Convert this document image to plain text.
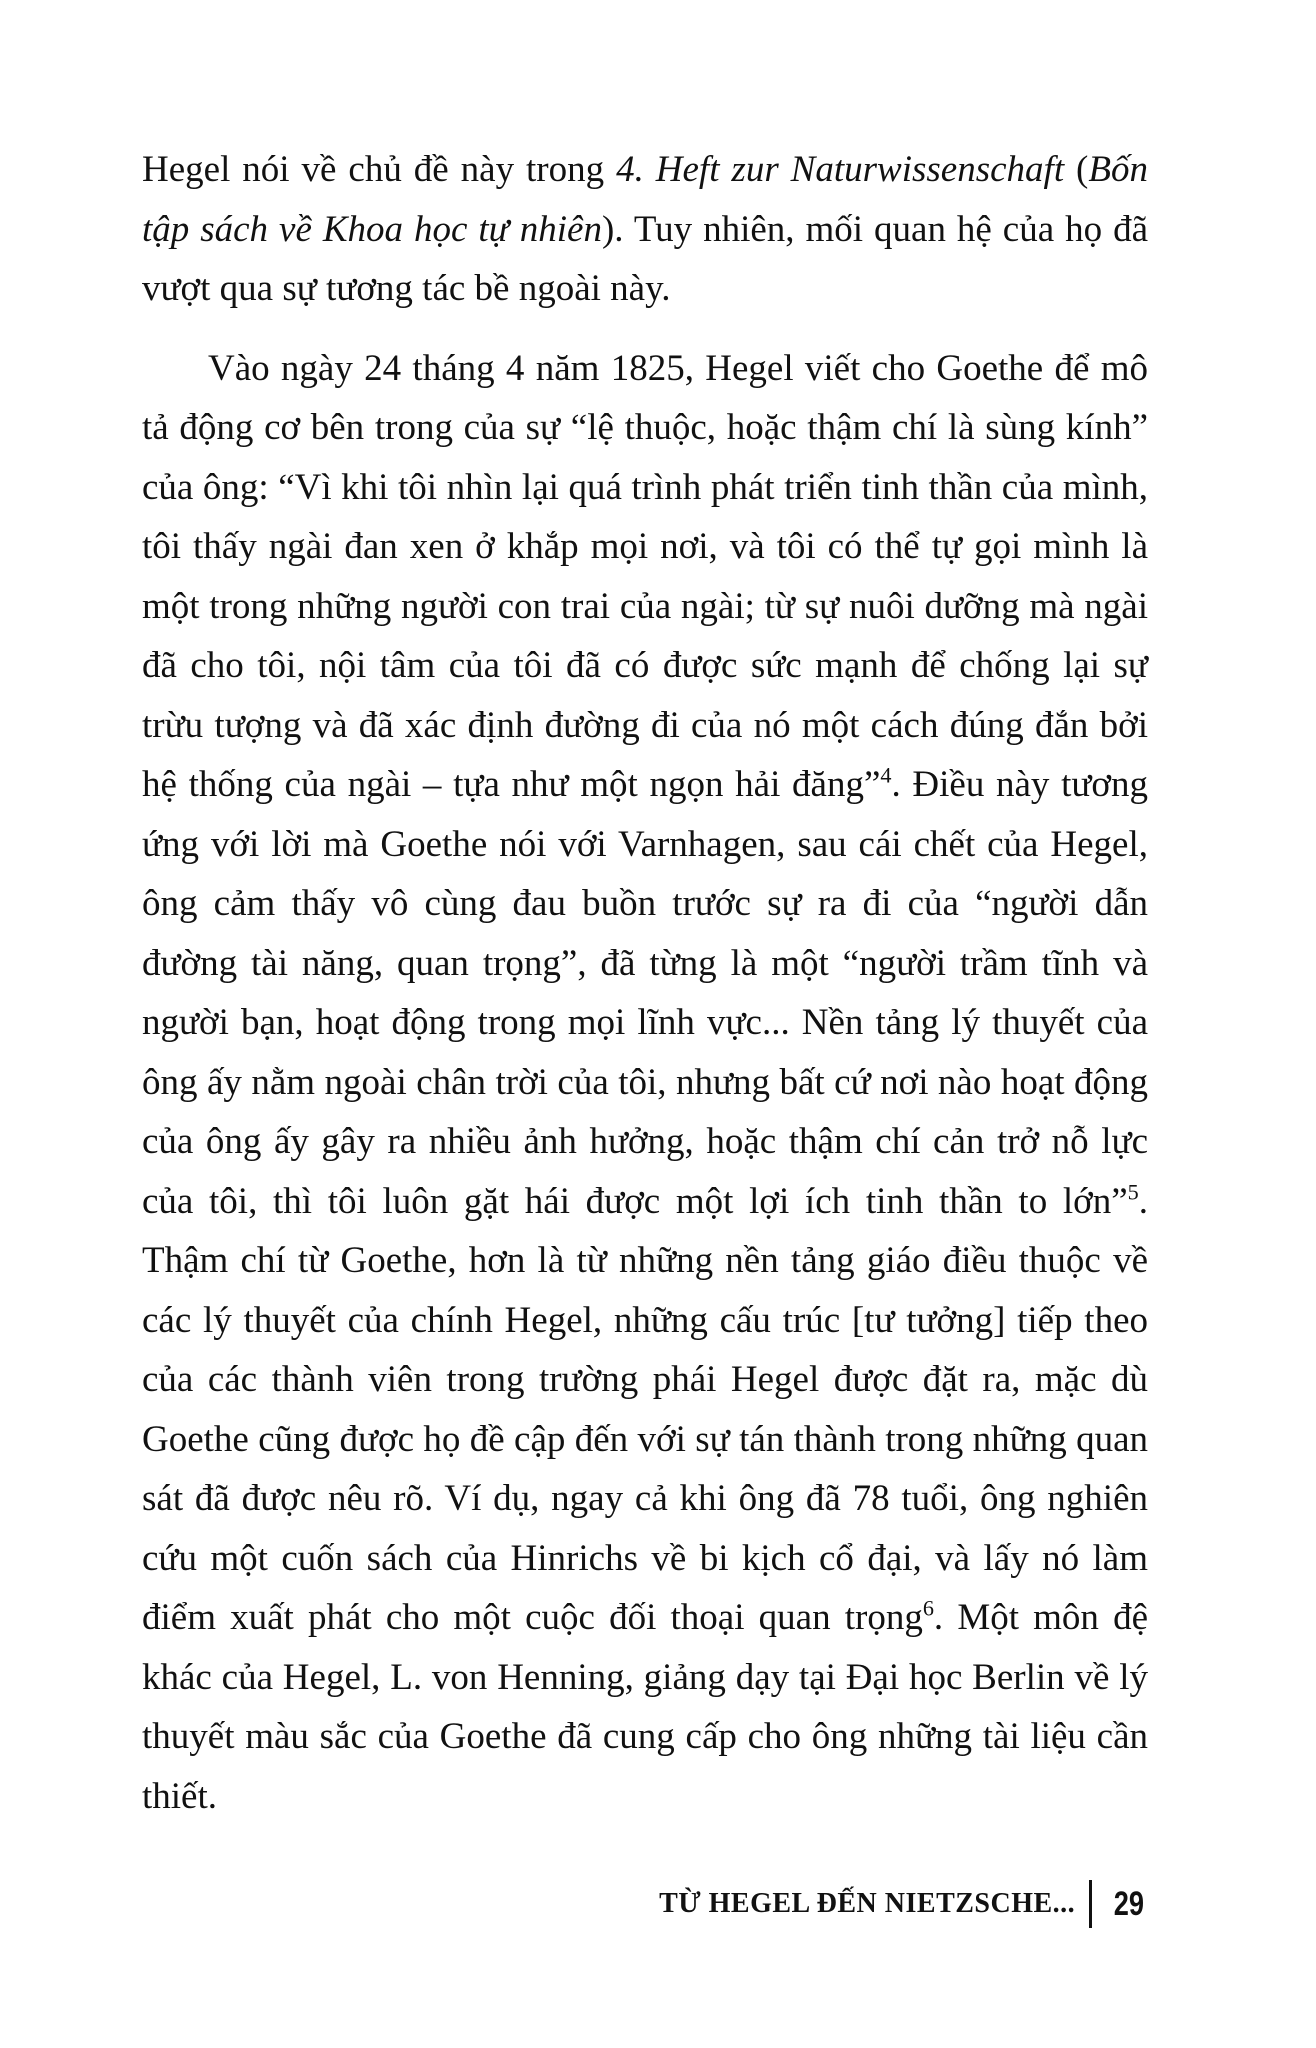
Hegel nói về chủ đề này trong 4. Heft zur Naturwissenschaft (Bốn tập sách về Khoa học tự nhiên). Tuy nhiên, mối quan hệ của họ đã vượt qua sự tương tác bề ngoài này.

Vào ngày 24 tháng 4 năm 1825, Hegel viết cho Goethe để mô tả động cơ bên trong của sự “lệ thuộc, hoặc thậm chí là sùng kính” của ông: “Vì khi tôi nhìn lại quá trình phát triển tinh thần của mình, tôi thấy ngài đan xen ở khắp mọi nơi, và tôi có thể tự gọi mình là một trong những người con trai của ngài; từ sự nuôi dưỡng mà ngài đã cho tôi, nội tâm của tôi đã có được sức mạnh để chống lại sự trừu tượng và đã xác định đường đi của nó một cách đúng đắn bởi hệ thống của ngài – tựa như một ngọn hải đăng”$^4$. Điều này tương ứng với lời mà Goethe nói với Varnhagen, sau cái chết của Hegel, ông cảm thấy vô cùng đau buồn trước sự ra đi của “người dẫn đường tài năng, quan trọng”, đã từng là một “người trầm tĩnh và người bạn, hoạt động trong mọi lĩnh vực... Nền tảng lý thuyết của ông ấy nằm ngoài chân trời của tôi, nhưng bất cứ nơi nào hoạt động của ông ấy gây ra nhiều ảnh hưởng, hoặc thậm chí cản trở nỗ lực của tôi, thì tôi luôn gặt hái được một lợi ích tinh thần to lớn”$^5$. Thậm chí từ Goethe, hơn là từ những nền tảng giáo điều thuộc về các lý thuyết của chính Hegel, những cấu trúc [tư tưởng] tiếp theo của các thành viên trong trường phái Hegel được đặt ra, mặc dù Goethe cũng được họ đề cập đến với sự tán thành trong những quan sát đã được nêu rõ. Ví dụ, ngay cả khi ông đã 78 tuổi, ông nghiên cứu một cuốn sách của Hinrichs về bi kịch cổ đại, và lấy nó làm điểm xuất phát cho một cuộc đối thoại quan trọng$^6$. Một môn đệ khác của Hegel, L. von Henning, giảng dạy tại Đại học Berlin về lý thuyết màu sắc của Goethe đã cung cấp cho ông những tài liệu cần thiết.

TỪ HEGEL ĐẾN NIETZSCHE... 29
